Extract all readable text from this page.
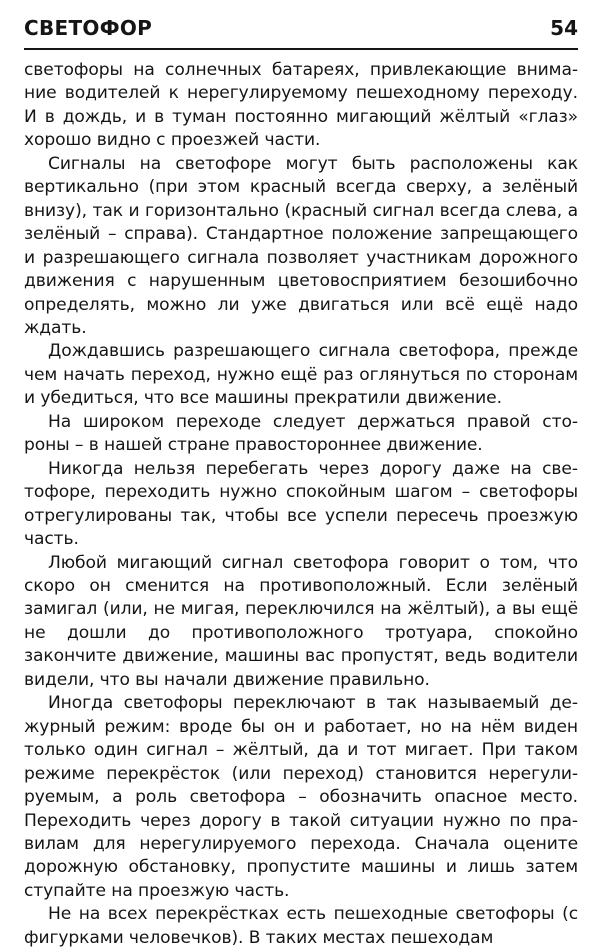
СВЕТОФОР	54

светофоры на солнечных батареях, привлекающие внимание водителей к нерегулируемому пешеходному переходу. И в дождь, и в туман постоянно мигающий жёлтый «глаз» хорошо видно с проезжей части.

Сигналы на светофоре могут быть расположены как вертикально (при этом красный всегда сверху, а зелёный внизу), так и горизонтально (красный сигнал всегда слева, а зелёный – справа). Стандартное положение запрещающего и разрешающего сигнала позволяет участникам дорожного движения с нарушенным цветовосприятием безошибочно определять, можно ли уже двигаться или всё ещё надо ждать.

Дождавшись разрешающего сигнала светофора, прежде чем начать переход, нужно ещё раз оглянуться по сторонам и убедиться, что все машины прекратили движение.

На широком переходе следует держаться правой стороны – в нашей стране правостороннее движение.

Никогда нельзя перебегать через дорогу даже на светофоре, переходить нужно спокойным шагом – светофоры отрегулированы так, чтобы все успели пересечь проезжую часть.

Любой мигающий сигнал светофора говорит о том, что скоро он сменится на противоположный. Если зелёный замигал (или, не мигая, переключился на жёлтый), а вы ещё не дошли до противоположного тротуара, спокойно закончите движение, машины вас пропустят, ведь водители видели, что вы начали движение правильно.

Иногда светофоры переключают в так называемый дежурный режим: вроде бы он и работает, но на нём виден только один сигнал – жёлтый, да и тот мигает. При таком режиме перекрёсток (или переход) становится нерегулируемым, а роль светофора – обозначить опасное место. Переходить через дорогу в такой ситуации нужно по правилам для нерегулируемого перехода. Сначала оцените дорожную обстановку, пропустите машины и лишь затем ступайте на проезжую часть.

Не на всех перекрёстках есть пешеходные светофоры (с фигурками человечков). В таких местах пешеходам
